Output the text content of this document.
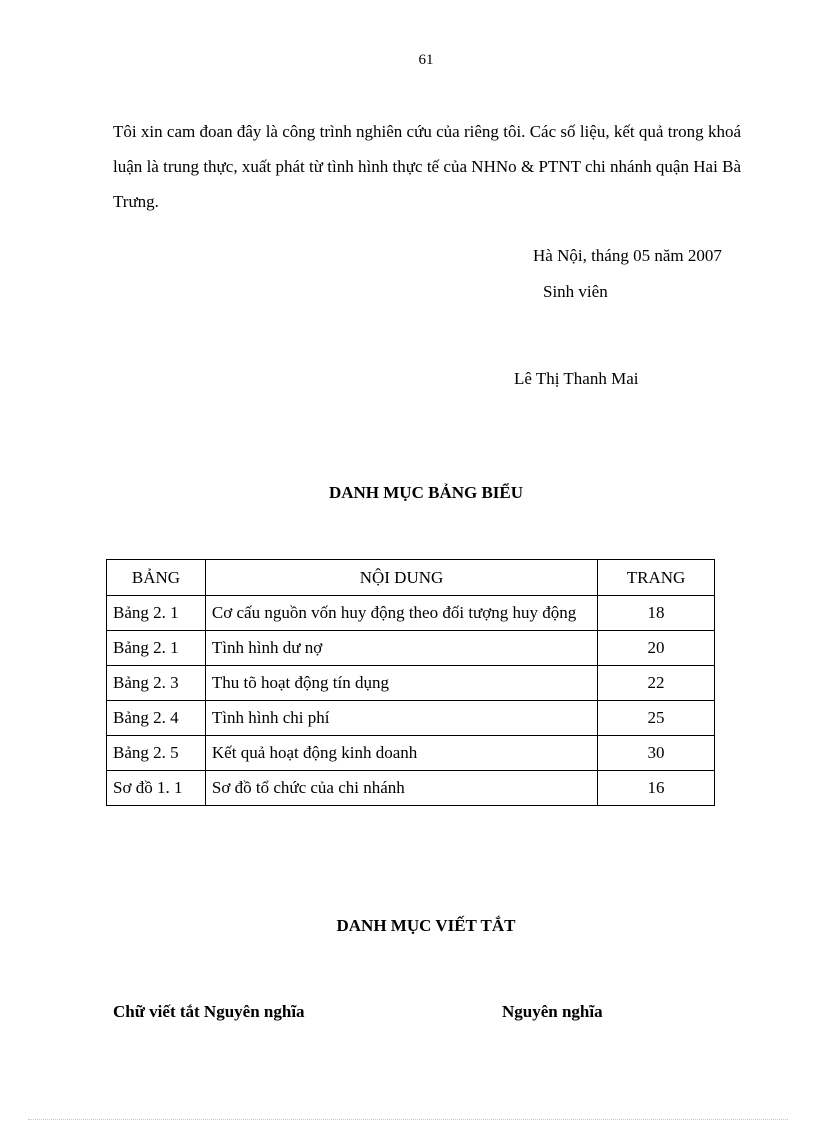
61

Tôi xin cam đoan đây là công trình nghiên cứu của riêng tôi. Các số liệu, kết quả trong khoá luận là trung thực, xuất phát từ tình hình thực tế của NHNo & PTNT chi nhánh quận Hai Bà Trưng.

Hà Nội, tháng 05 năm 2007
Sinh viên
Lê Thị Thanh Mai
DANH MỤC BẢNG BIỂU
BẢNG	NỘI DUNG	TRANG
Bảng 2. 1	Cơ cấu nguồn vốn huy động theo đối tượng huy động	18
Bảng 2. 1	Tình hình dư nợ	20
Bảng 2. 3	Thu tõ hoạt động tín dụng	22
Bảng 2. 4	Tình hình chi phí	25
Bảng 2. 5	Kết quả hoạt động kinh doanh	30
Sơ đồ 1. 1	Sơ đồ tổ chức của chi nhánh	16
DANH MỤC VIẾT TẮT
Chữ viết tắt Nguyên nghĩa	Nguyên nghĩa
